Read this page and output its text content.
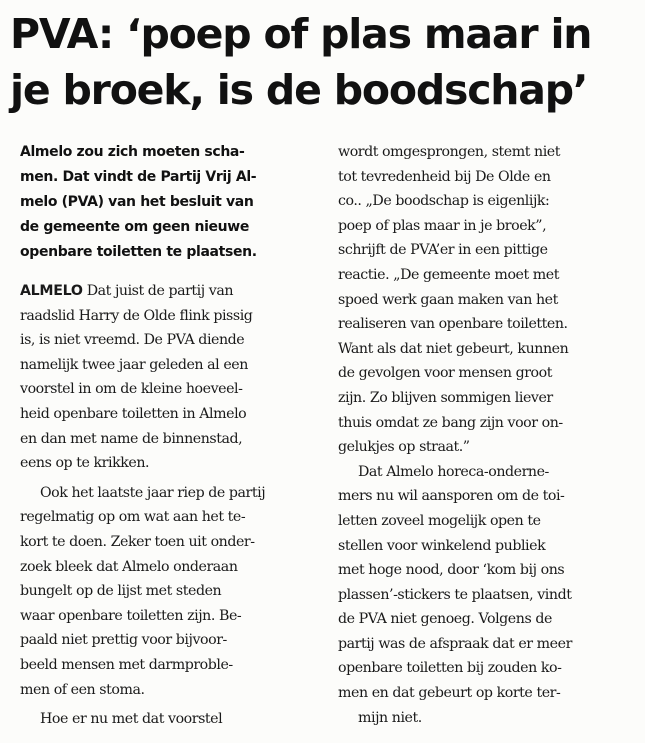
PVA: ‘poep of plas maar in
je broek, is de boodschap’
Almelo zou zich moeten scha-
men. Dat vindt de Partij Vrij Al-
melo (PVA) van het besluit van
de gemeente om geen nieuwe
openbare toiletten te plaatsen.
ALMELO Dat juist de partij van
raadslid Harry de Olde flink pissig
is, is niet vreemd. De PVA diende
namelijk twee jaar geleden al een
voorstel in om de kleine hoeveel-
heid openbare toiletten in Almelo
en dan met name de binnenstad,
eens op te krikken.
Ook het laatste jaar riep de partij
regelmatig op om wat aan het te-
kort te doen. Zeker toen uit onder-
zoek bleek dat Almelo onderaan
bungelt op de lijst met steden
waar openbare toiletten zijn. Be-
paald niet prettig voor bijvoor-
beeld mensen met darmproble-
men of een stoma.
Hoe er nu met dat voorstel
wordt omgesprongen, stemt niet
tot tevredenheid bij De Olde en
co.. „De boodschap is eigenlijk:
poep of plas maar in je broek”,
schrijft de PVA’er in een pittige
reactie. „De gemeente moet met
spoed werk gaan maken van het
realiseren van openbare toiletten.
Want als dat niet gebeurt, kunnen
de gevolgen voor mensen groot
zijn. Zo blijven sommigen liever
thuis omdat ze bang zijn voor on-
gelukjes op straat.”
Dat Almelo horeca-onderne-
mers nu wil aansporen om de toi-
letten zoveel mogelijk open te
stellen voor winkelend publiek
met hoge nood, door ‘kom bij ons
plassen’-stickers te plaatsen, vindt
de PVA niet genoeg. Volgens de
partij was de afspraak dat er meer
openbare toiletten bij zouden ko-
men en dat gebeurt op korte ter-
mijn niet.
